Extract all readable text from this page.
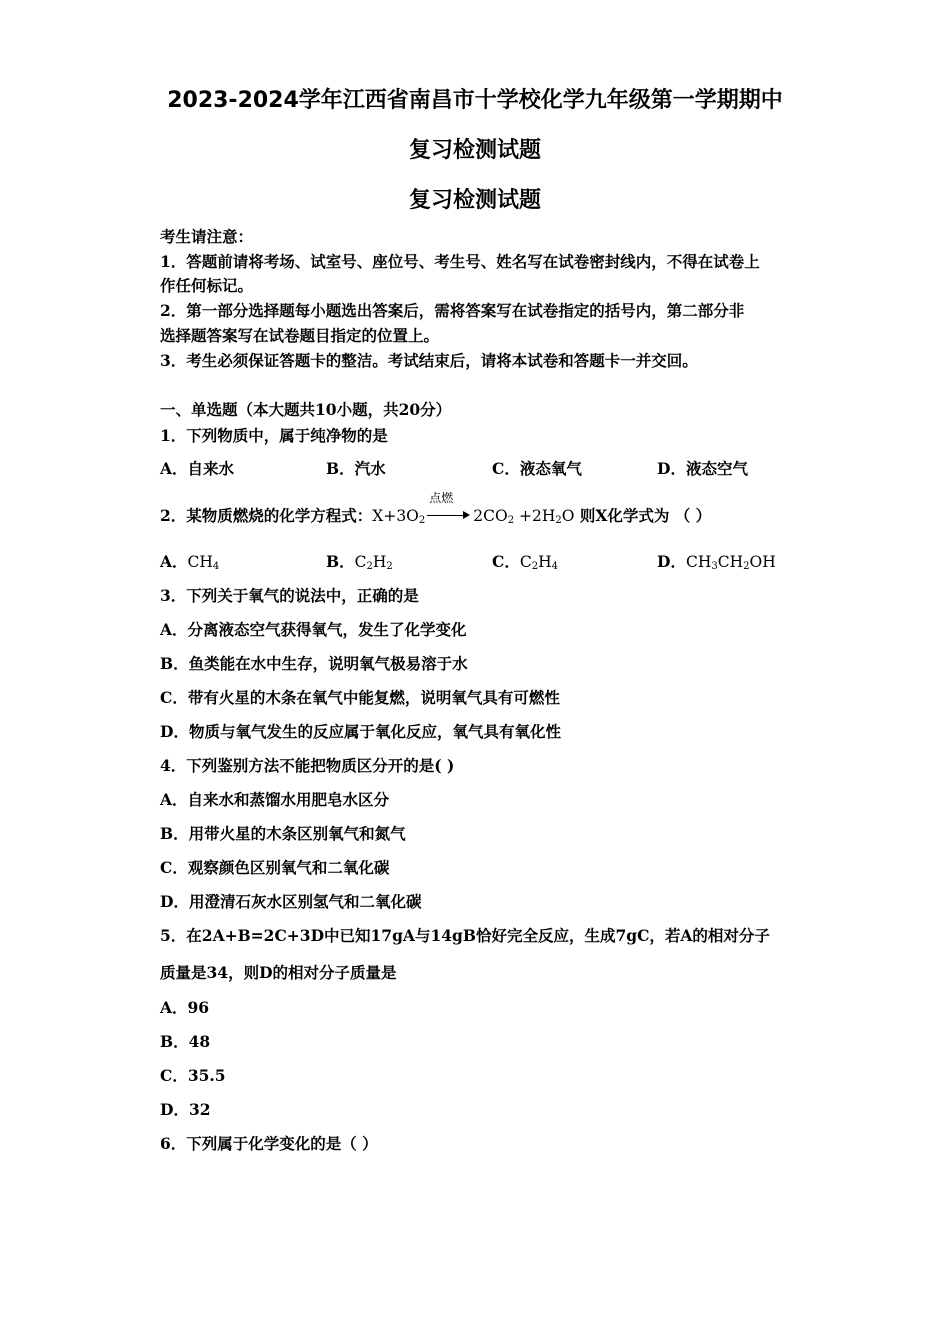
2023-2024学年江西省南昌市十学校化学九年级第一学期期中
复习检测试题
复习检测试题
考生请注意：
1．答题前请将考场、试室号、座位号、考生号、姓名写在试卷密封线内，不得在试卷上
作任何标记。
2．第一部分选择题每小题选出答案后，需将答案写在试卷指定的括号内，第二部分非
选择题答案写在试卷题目指定的位置上。
3．考生必须保证答题卡的整洁。考试结束后，请将本试卷和答题卡一并交回。
一、单选题（本大题共10小题，共20分）
1．下列物质中，属于纯净物的是
A．自来水	B．汽水	C．液态氧气	D．液态空气
2．某物质燃烧的化学方程式：$X+3O_2$
点燃
$2CO_2 +2H_2O$ 则X化学式为 （ ）
A．$CH_4$	B．$C_2H_2$	C．$C_2H_4$	D．$CH_3CH_2OH$
3．下列关于氧气的说法中，正确的是
A．分离液态空气获得氧气，发生了化学变化
B．鱼类能在水中生存，说明氧气极易溶于水
C．带有火星的木条在氧气中能复燃，说明氧气具有可燃性
D．物质与氧气发生的反应属于氧化反应，氧气具有氧化性
4．下列鉴别方法不能把物质区分开的是( )
A．自来水和蒸馏水用肥皂水区分
B．用带火星的木条区别氧气和氮气
C．观察颜色区别氧气和二氧化碳
D．用澄清石灰水区别氢气和二氧化碳
5．在2A+B=2C+3D中已知17gA与14gB恰好完全反应，生成7gC，若A的相对分子
质量是34，则D的相对分子质量是
A．96
B．48
C．35.5
D．32
6．下列属于化学变化的是（ ）
